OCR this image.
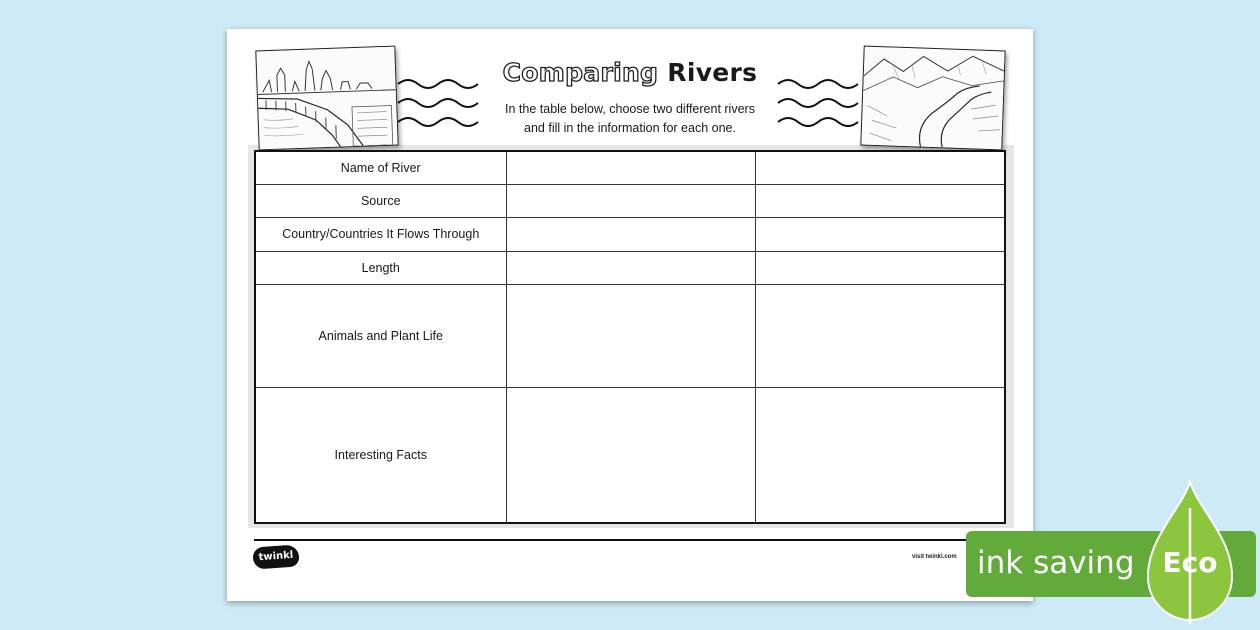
Comparing Rivers
In the table below, choose two different rivers
and fill in the information for each one.
Name of River		
Source		
Country/Countries It Flows Through		
Length		
Animals and Plant Life		
Interesting Facts		
twinkl	visit twinkl.com ink saving	Eco
